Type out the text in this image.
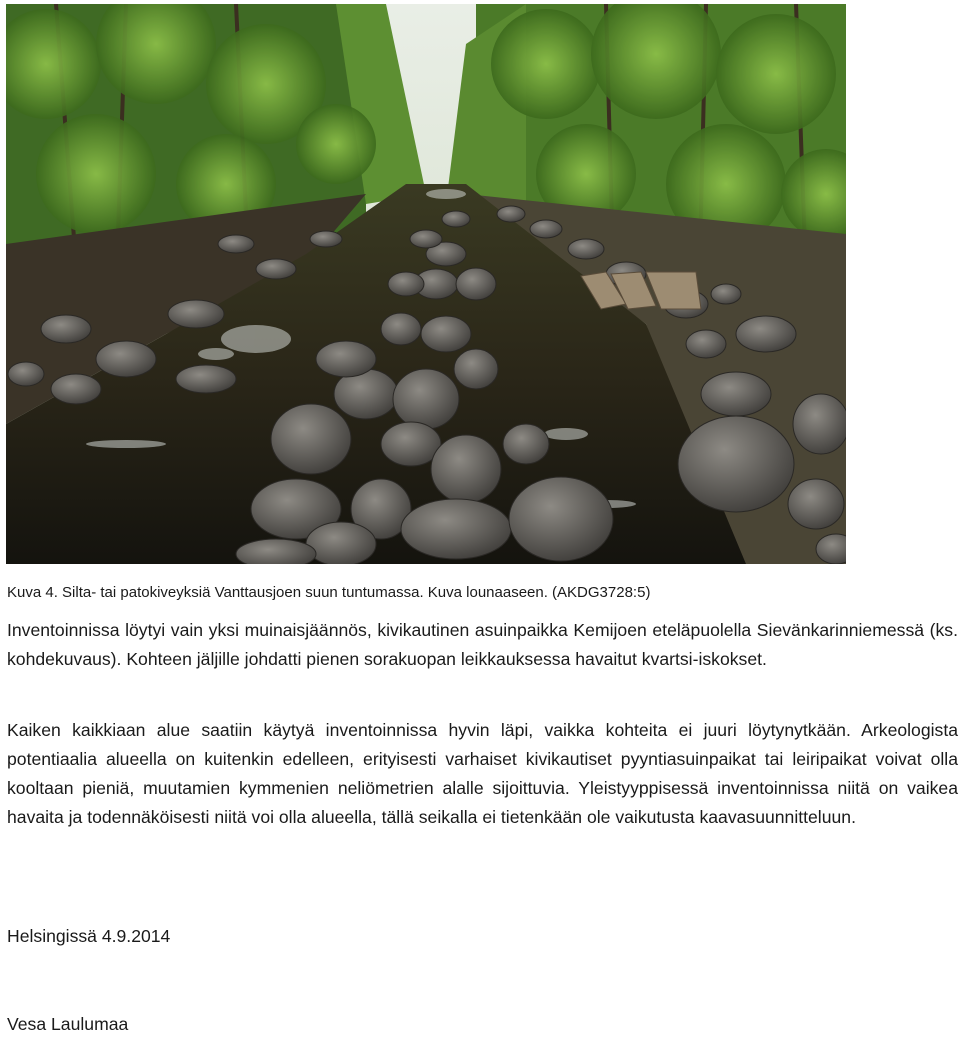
Kuva 4. Silta- tai patokiveyksiä Vanttausjoen suun tuntumassa. Kuva lounaaseen. (AKDG3728:5)

Inventoinnissa löytyi vain yksi muinaisjäännös, kivikautinen asuinpaikka Kemijoen eteläpuolella Sievänkarinniemessä (ks. kohdekuvaus). Kohteen jäljille johdatti pienen sorakuopan leikkauksessa havaitut kvartsi-iskokset.

Kaiken kaikkiaan alue saatiin käytyä inventoinnissa hyvin läpi, vaikka kohteita ei juuri löytynytkään. Arkeologista potentiaalia alueella on kuitenkin edelleen, erityisesti varhaiset kivikautiset pyyntiasuinpaikat tai leiripaikat voivat olla kooltaan pieniä, muutamien kymmenien neliömetrien alalle sijoittuvia. Yleistyyppisessä inventoinnissa niitä on vaikea havaita ja todennäköisesti niitä voi olla alueella, tällä seikalla ei tietenkään ole vaikutusta kaavasuunnitteluun.

Helsingissä 4.9.2014
Vesa Laulumaa
